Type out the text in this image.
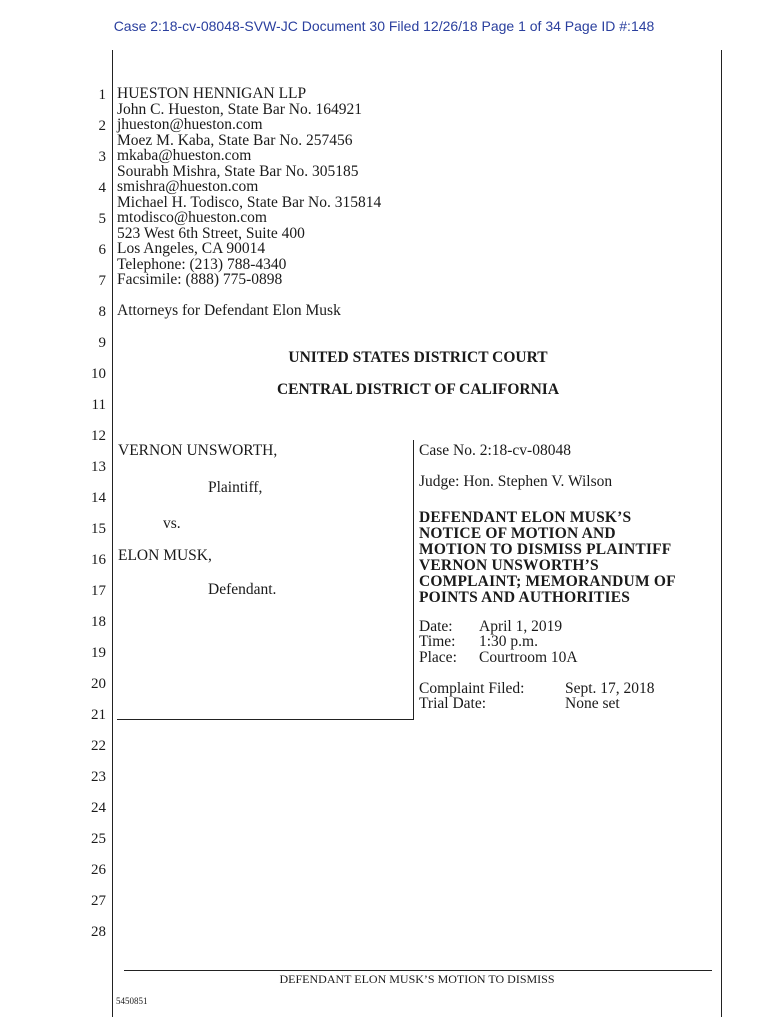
Case 2:18-cv-08048-SVW-JC Document 30 Filed 12/26/18 Page 1 of 34 Page ID #:148
1
2
3
4
5
6
7
8
9
10
11
12
13
14
15
16
17
18
19
20
21
22
23
24
25
26
27
28
HUESTON HENNIGAN LLP
John C. Hueston, State Bar No. 164921
jhueston@hueston.com
Moez M. Kaba, State Bar No. 257456
mkaba@hueston.com
Sourabh Mishra, State Bar No. 305185
smishra@hueston.com
Michael H. Todisco, State Bar No. 315814
mtodisco@hueston.com
523 West 6th Street, Suite 400
Los Angeles, CA 90014
Telephone: (213) 788-4340
Facsimile: (888) 775-0898
Attorneys for Defendant Elon Musk
UNITED STATES DISTRICT COURT
CENTRAL DISTRICT OF CALIFORNIA
VERNON UNSWORTH,
Plaintiff,
vs.
ELON MUSK,
Defendant.
Case No. 2:18-cv-08048
Judge: Hon. Stephen V. Wilson
DEFENDANT ELON MUSK’S
NOTICE OF MOTION AND
MOTION TO DISMISS PLAINTIFF
VERNON UNSWORTH’S
COMPLAINT; MEMORANDUM OF
POINTS AND AUTHORITIES
Date: April 1, 2019
Time: 1:30 p.m.
Place: Courtroom 10A
Complaint Filed:	Sept. 17, 2018
Trial Date:	None set
DEFENDANT ELON MUSK’S MOTION TO DISMISS
5450851
